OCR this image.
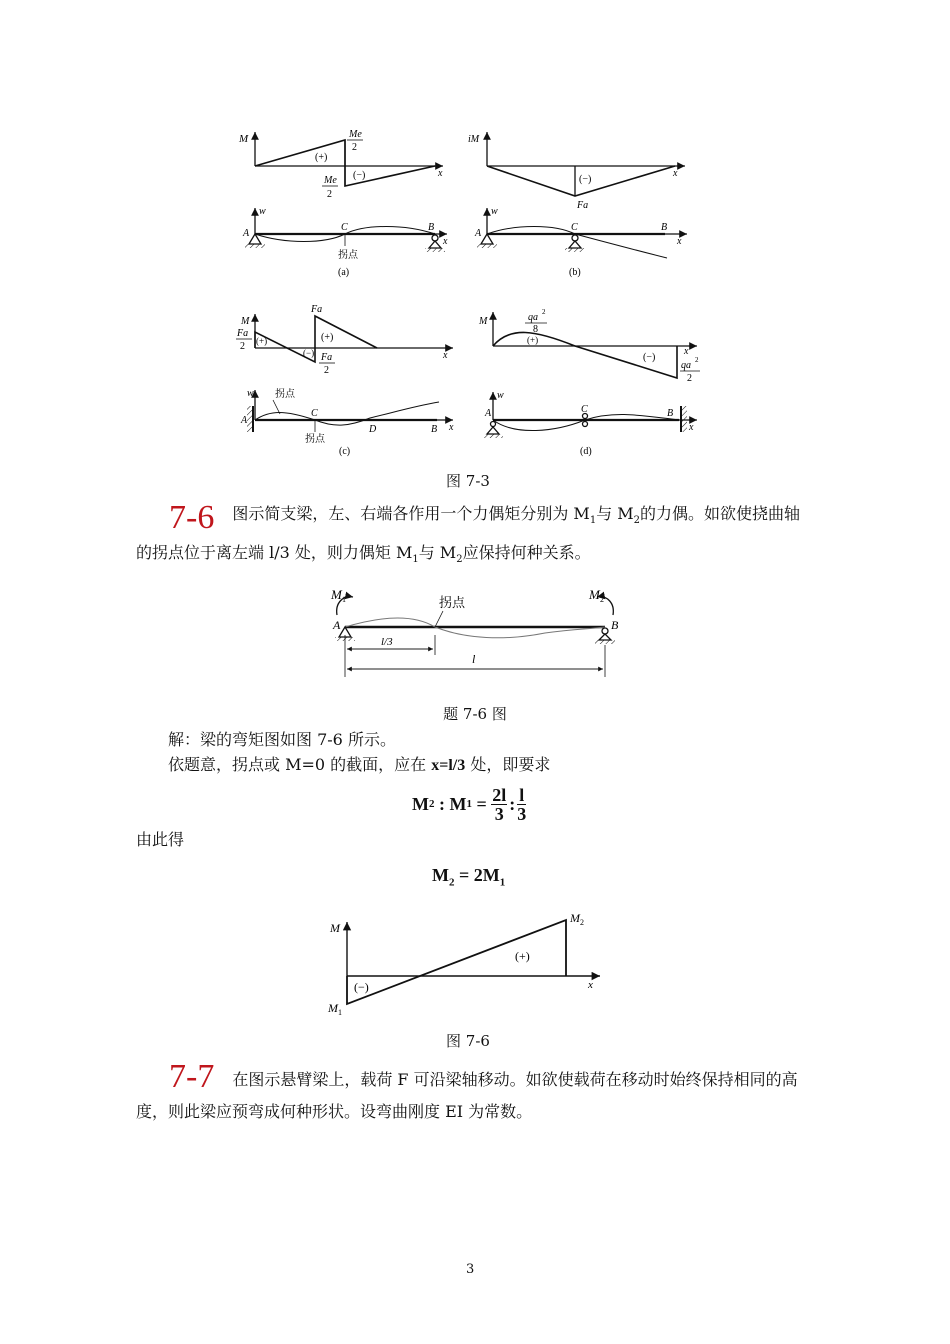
M	Me
2
Me
2
(+)
(−)	x
w
A
C	B
x
拐点
(a)
iM
(−)
Fa
x
w
A
C	B
x
(b)
M
Fa
2
Fa
(+)	(+)
(−) Fa
2
x
w 拐点
A
C
D	B x
拐点
(c)
M	qa 2
8
(+)
(−)
x
qa 2
2
w
A	C	B
x
(d)
图 7-3
7-6 图示简支梁，左、右端各作用一个力偶矩分别为 $M_1$与 $M_2$的力偶。如欲使挠曲轴
的拐点位于离左端 l/3 处，则力偶矩 $M_1$与 $M_2$应保持何种关系。
M 1	M 2
A	B
拐点
l/3
l
题 7-6 图
解：梁的弯矩图如图 7-6 所示。
依题意，拐点或 M=0 的截面，应在 x=l/3 处，即要求
M 2 : M $1 = \frac{2l}{3}$ : $\frac{l}{3}$
由此得
$M_2 = 2M_1$
M
M 2
M 1
(+)
(−)	x
图 7-6
7-7 在图示悬臂梁上，载荷 F 可沿梁轴移动。如欲使载荷在移动时始终保持相同的高
度，则此梁应预弯成何种形状。设弯曲刚度 EI 为常数。
3
